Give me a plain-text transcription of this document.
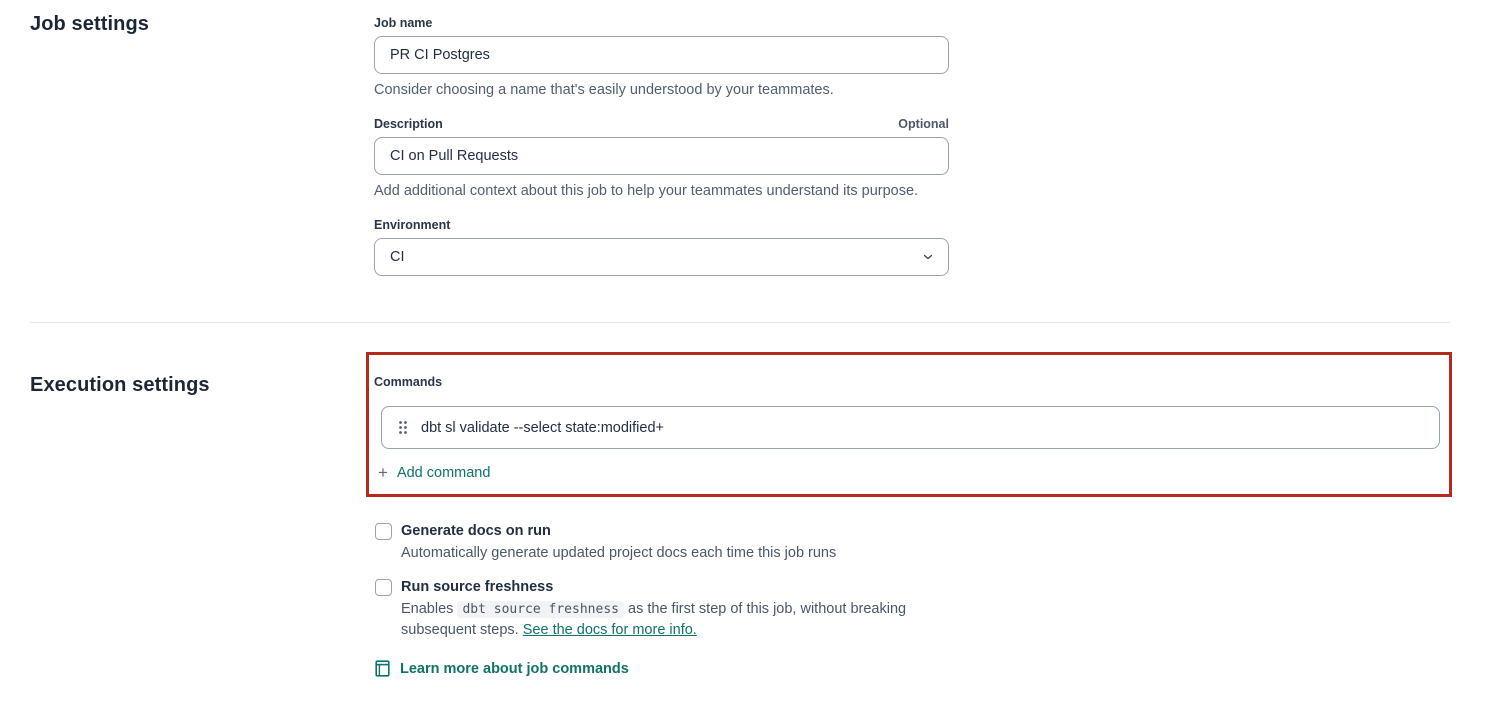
Job settings	Job name
PR CI Postgres

Consider choosing a name that's easily understood by your teammates.

Description	Optional
CI on Pull Requests

Add additional context about this job to help your teammates understand its purpose.

Environment
CI
Execution settings	Commands
dbt sl validate --select state:modified+
+ Add command
Generate docs on run
Automatically generate updated project docs each time this job runs
Run source freshness
Enables dbt source freshness as the first step of this job, without breaking subsequent steps. See the docs for more info.
Learn more about job commands
